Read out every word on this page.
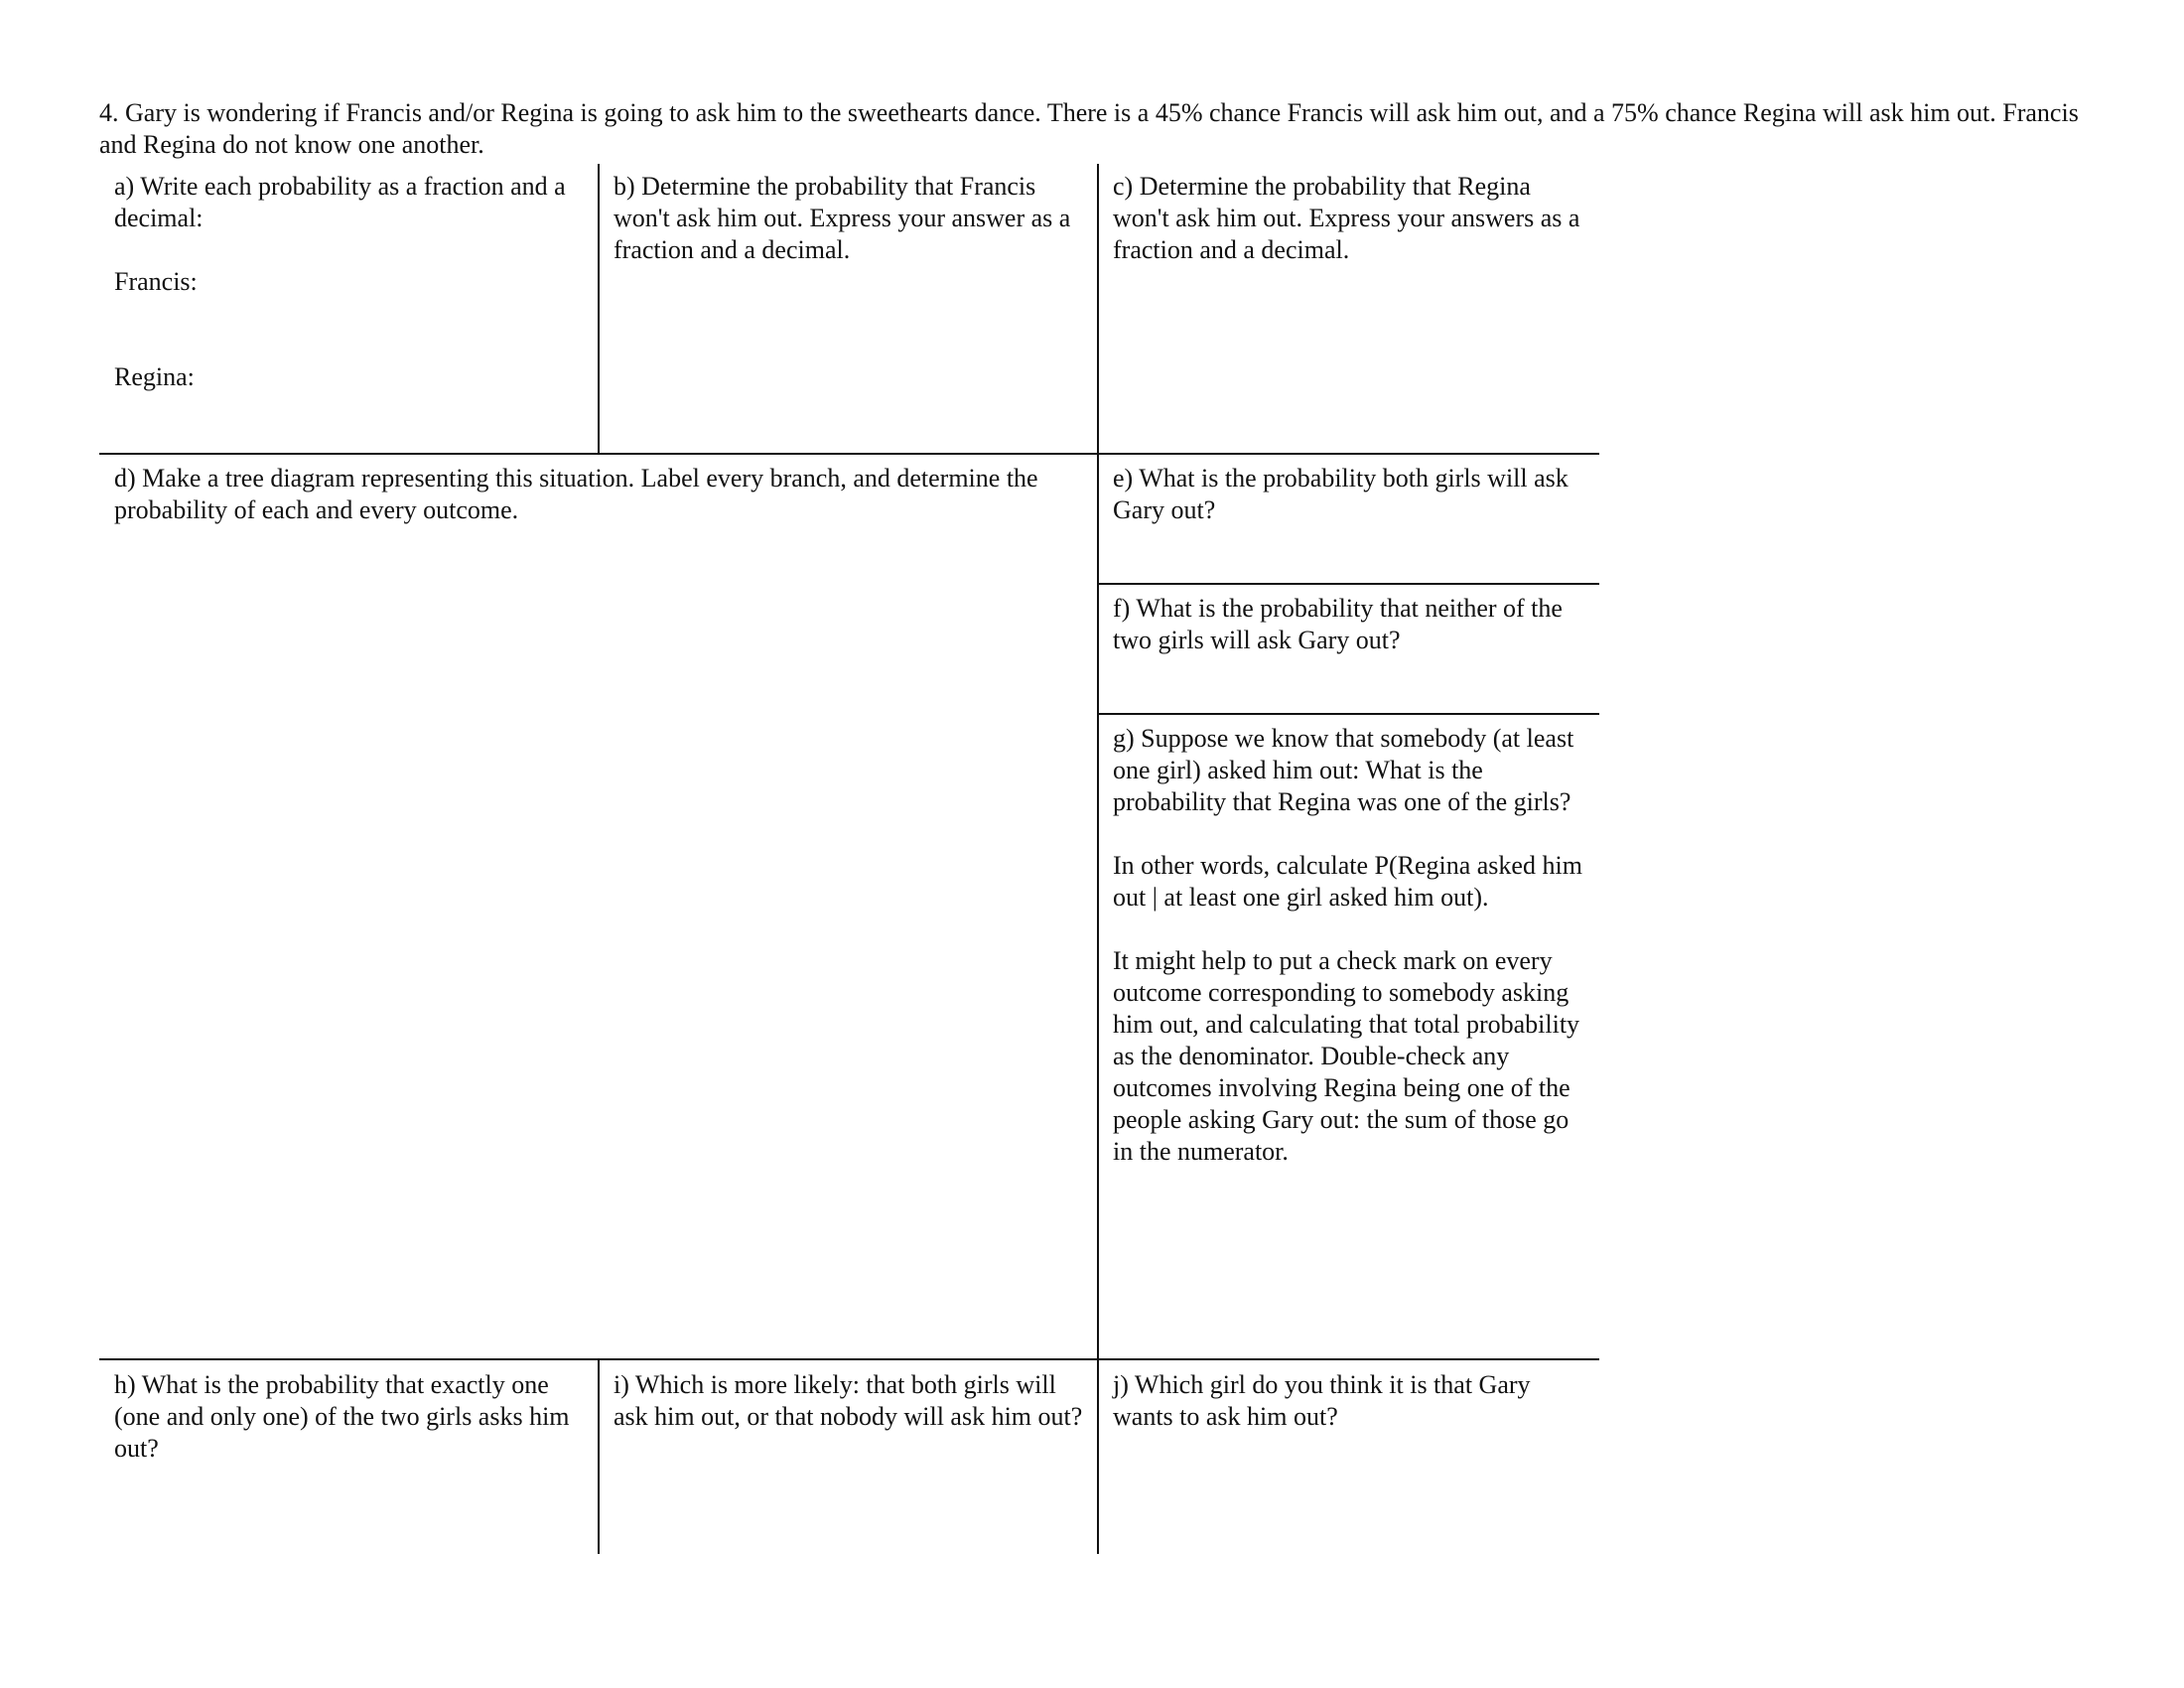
4. Gary is wondering if Francis and/or Regina is going to ask him to the sweethearts dance. There is a 45% chance Francis will ask him out, and a 75% chance Regina will ask him out. Francis and Regina do not know one another.

a) Write each probability as a fraction and a decimal:

Francis:

Regina:

b) Determine the probability that Francis won't ask him out. Express your answer as a fraction and a decimal.

c) Determine the probability that Regina won't ask him out. Express your answers as a fraction and a decimal.

d) Make a tree diagram representing this situation. Label every branch, and determine the probability of each and every outcome.

e) What is the probability both girls will ask Gary out?

f) What is the probability that neither of the two girls will ask Gary out?

g) Suppose we know that somebody (at least one girl) asked him out: What is the probability that Regina was one of the girls?

In other words, calculate P(Regina asked him out | at least one girl asked him out).

It might help to put a check mark on every outcome corresponding to somebody asking him out, and calculating that total probability as the denominator. Double-check any outcomes involving Regina being one of the people asking Gary out: the sum of those go in the numerator.

h) What is the probability that exactly one (one and only one) of the two girls asks him out?

i) Which is more likely: that both girls will ask him out, or that nobody will ask him out?

j) Which girl do you think it is that Gary wants to ask him out?
